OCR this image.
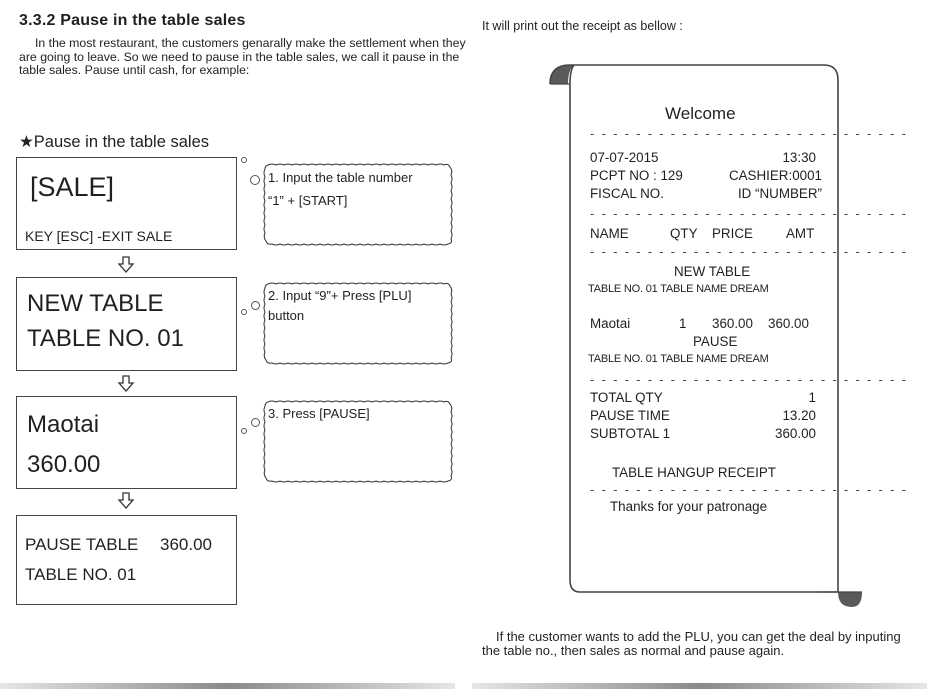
3.3.2 Pause in the table sales
In the most restaurant, the customers genarally make the settlement when they are going to leave. So we need to pause in the table sales, we call it pause in the table sales. Pause until cash, for example:
★Pause in the table sales
[SALE]
KEY [ESC] -EXIT SALE
NEW TABLE
TABLE NO. 01
Maotai
360.00
PAUSE TABLE 360.00
TABLE NO. 01
1. Input the table number
“1” + [START]
2. Input “9”+ Press [PLU]
button
3. Press [PAUSE]
It will print out the receipt as bellow :
Welcome
- - - - - - - - - - - - - - - - - - - - - - - - - - - -
07-07-2015	13:30
PCPT NO : 129	CASHIER:0001
FISCAL NO.	ID “NUMBER”
- - - - - - - - - - - - - - - - - - - - - - - - - - - -
NAME	QTY PRICE AMT
- - - - - - - - - - - - - - - - - - - - - - - - - - - -
NEW TABLE
TABLE NO. 01 TABLE NAME DREAM
Maotai	1 360.00 360.00
PAUSE
TABLE NO. 01 TABLE NAME DREAM
- - - - - - - - - - - - - - - - - - - - - - - - - - - -
TOTAL QTY	1
PAUSE TIME	13.20
SUBTOTAL 1	360.00
TABLE HANGUP RECEIPT
- - - - - - - - - - - - - - - - - - - - - - - - - - - -
Thanks for your patronage
If the customer wants to add the PLU, you can get the deal by inputing the table no., then sales as normal and pause again.
